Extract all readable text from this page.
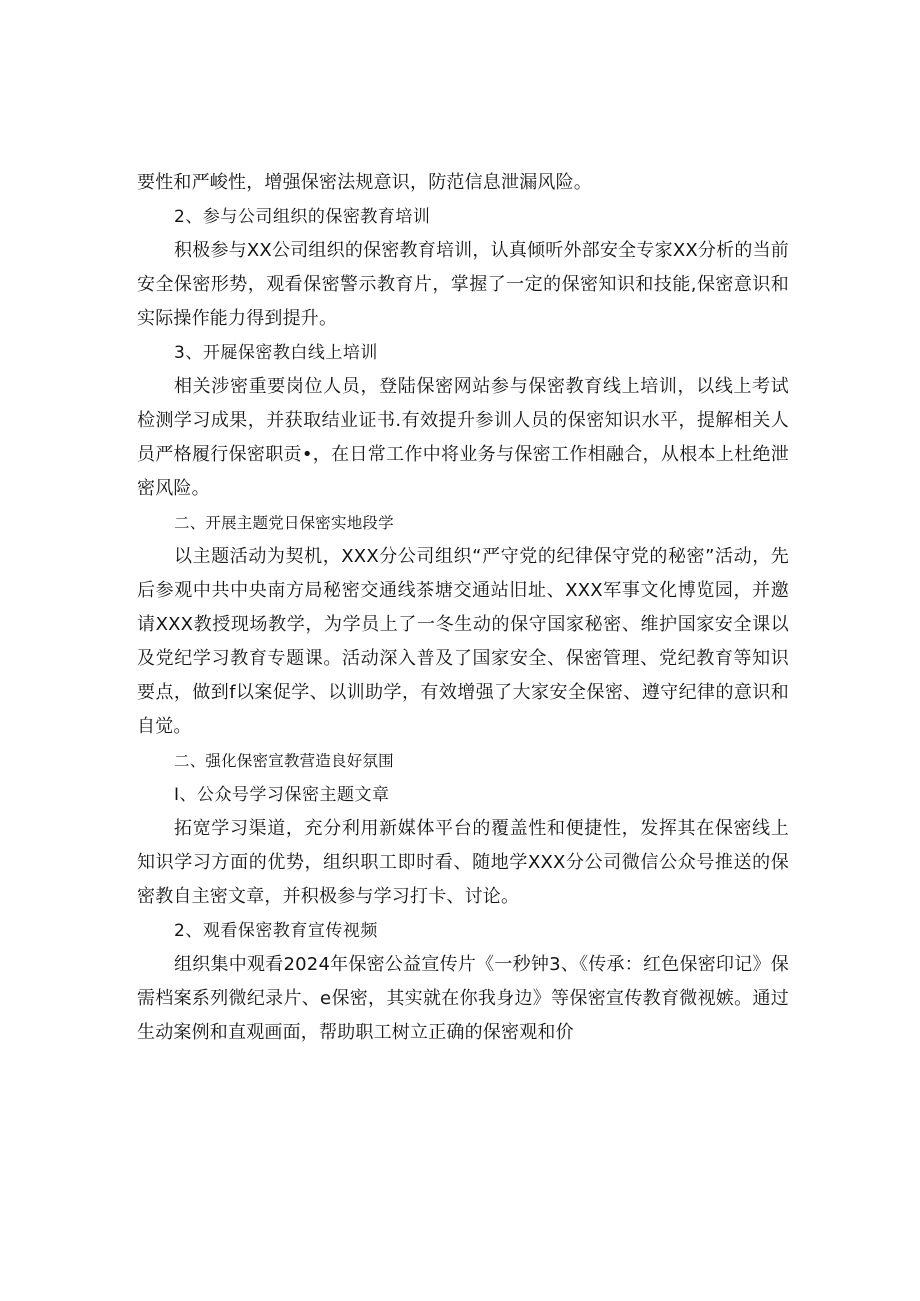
要性和严峻性，增强保密法规意识，防范信息泄漏风险。

2、参与公司组织的保密教育培训

积极参与XX公司组织的保密教育培训，认真倾听外部安全专家XX分析的当前安全保密形势，观看保密警示教育片，掌握了一定的保密知识和技能,保密意识和实际操作能力得到提升。

3、开屣保密教白线上培训

相关涉密重要岗位人员，登陆保密网站参与保密教育线上培训，以线上考试检测学习成果，并获取结业证书.有效提升参训人员的保密知识水平，提解相关人员严格履行保密职贡•，在日常工作中将业务与保密工作相融合，从根本上杜绝泄密风险。

二、开展主题党日保密实地段学

以主题活动为契机，XXX分公司组织“严守党的纪律保守党的秘密”活动，先后参观中共中央南方局秘密交通线茶塘交通站旧址、XXX军事文化博览园，并邀请XXX教授现场教学，为学员上了一冬生动的保守国家秘密、维护国家安全课以及党纪学习教育专题课。活动深入普及了国家安全、保密管理、党纪教育等知识要点，做到f以案促学、以训助学，有效增强了大家安全保密、遵守纪律的意识和自觉。

二、强化保密宣教营造良好氛围

I、公众号学习保密主题文章

拓宽学习渠道，充分利用新媒体平台的覆盖性和便捷性，发挥其在保密线上知识学习方面的优势，组织职工即时看、随地学XXX分公司微信公众号推送的保密教自主密文章，并积极参与学习打卡、讨论。

2、观看保密教育宣传视频

组织集中观看2024年保密公益宣传片《一秒钟3、《传承：红色保密印记》保需档案系列微纪录片、e保密，其实就在你我身边》等保密宣传教育微视嫉。通过生动案例和直观画面，帮助职工树立正确的保密观和价
